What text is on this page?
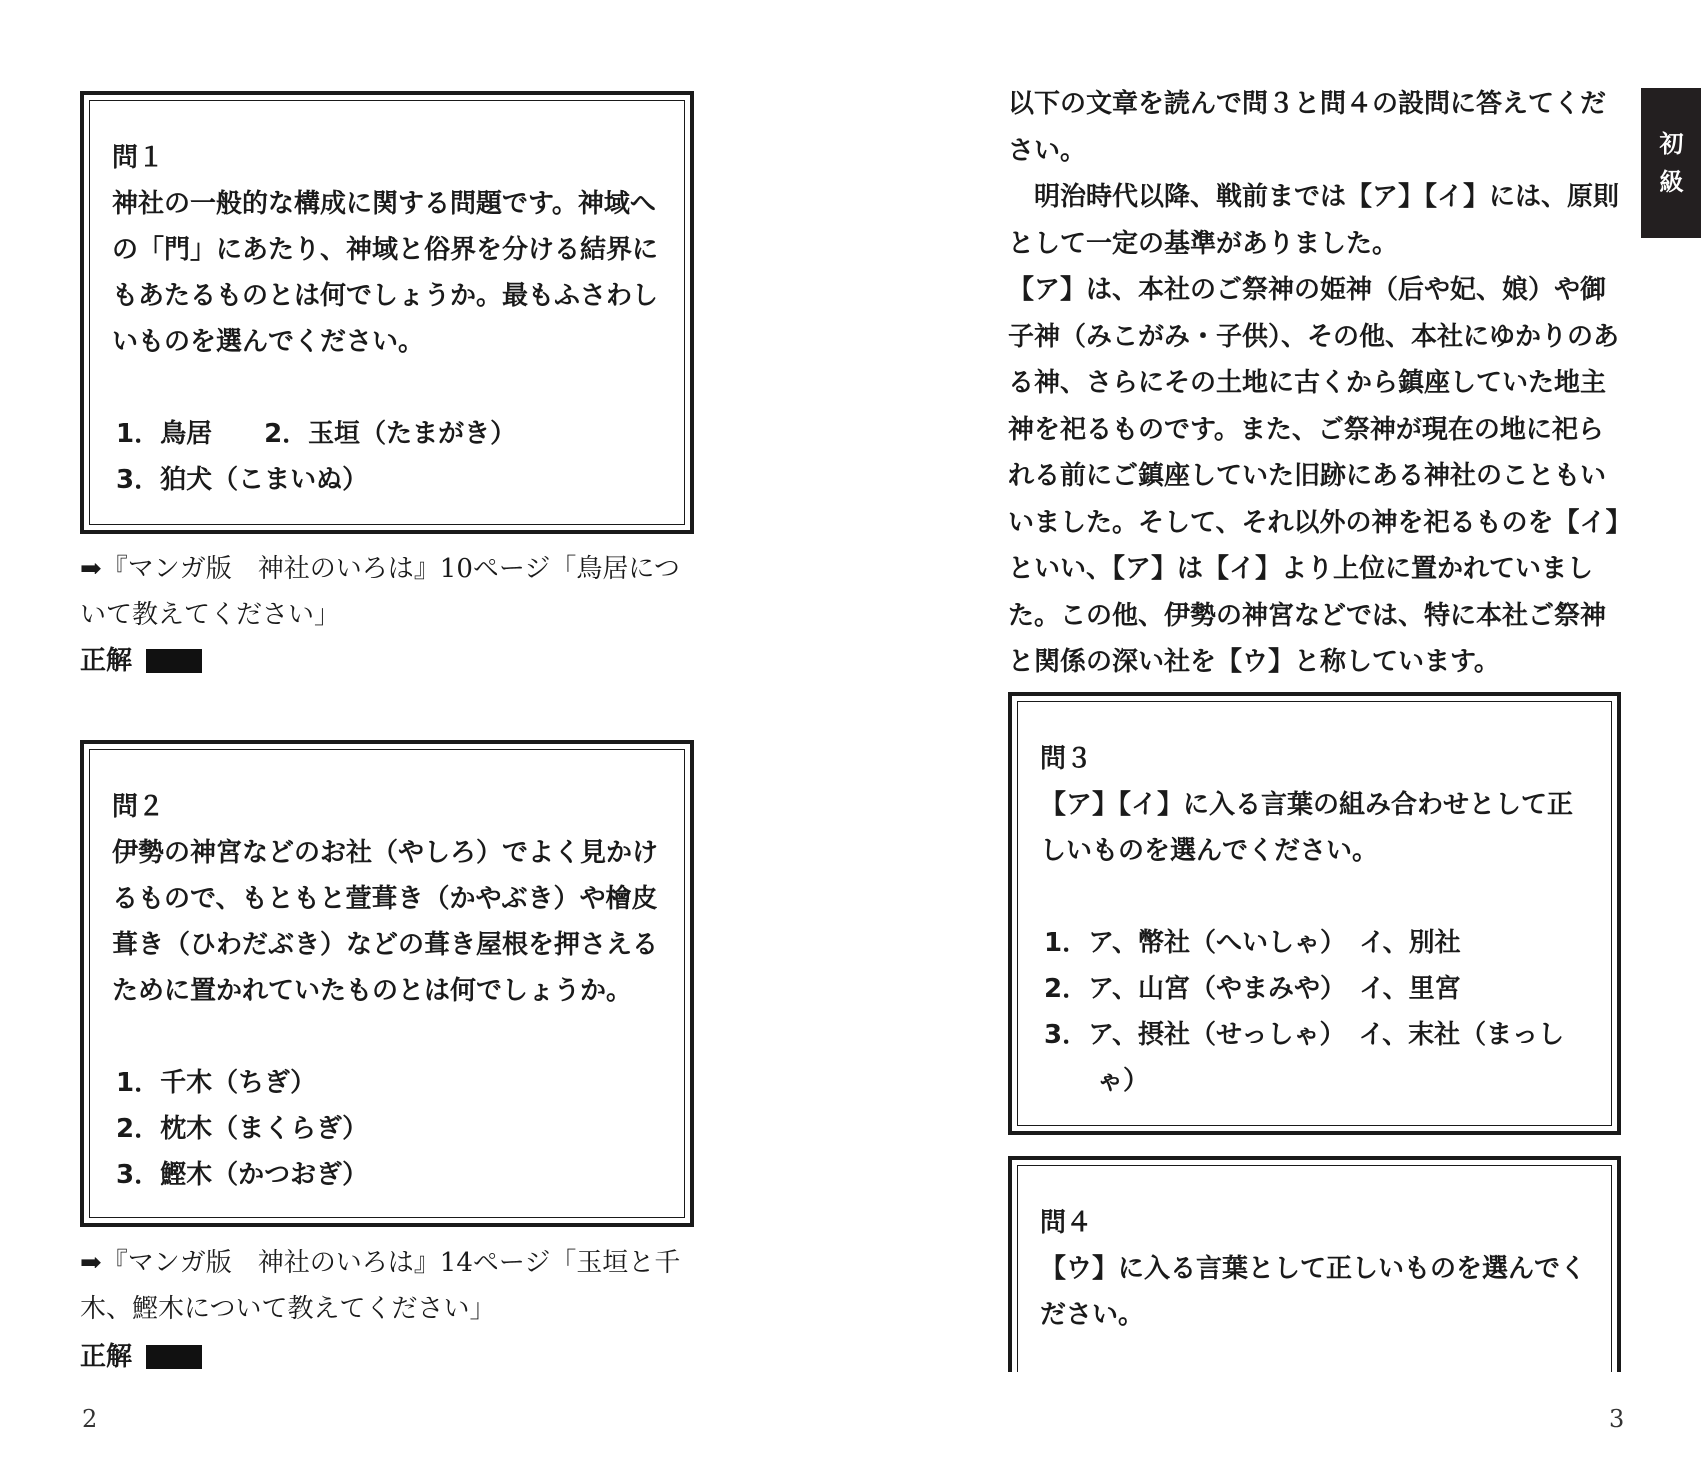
問１
神社の一般的な構成に関する問題です。神域への「門」にあたり、神域と俗界を分ける結界にもあたるものとは何でしょうか。最もふさわしいものを選んでください。
1．鳥居　　2．玉垣（たまがき）
3．狛犬（こまいぬ）
➡『マンガ版　神社のいろは』10ページ「鳥居について教えてください」
正解
問２
伊勢の神宮などのお社（やしろ）でよく見かけるもので、もともと萱葺き（かやぶき）や檜皮葺き（ひわだぶき）などの葺き屋根を押さえるために置かれていたものとは何でしょうか。
1．千木（ちぎ）
2．枕木（まくらぎ）
3．鰹木（かつおぎ）
➡『マンガ版　神社のいろは』14ページ「玉垣と千木、鰹木について教えてください」
正解
2

以下の文章を読んで問３と問４の設問に答えてください。

明治時代以降、戦前までは【ア】【イ】には、原則として一定の基準がありました。

【ア】は、本社のご祭神の姫神（后や妃、娘）や御子神（みこがみ・子供）、その他、本社にゆかりのある神、さらにその土地に古くから鎮座していた地主神を祀るものです。また、ご祭神が現在の地に祀られる前にご鎮座していた旧跡にある神社のこともいいました。そして、それ以外の神を祀るものを【イ】といい、【ア】は【イ】より上位に置かれていました。この他、伊勢の神宮などでは、特に本社ご祭神と関係の深い社を【ウ】と称しています。

初
級
問３
【ア】【イ】に入る言葉の組み合わせとして正しいものを選んでください。
1．ア、幣社（へいしゃ）　イ、別社
2．ア、山宮（やまみや）　イ、里宮
3．ア、摂社（せっしゃ）　イ、末社（まっし
ゃ）
問４
【ウ】に入る言葉として正しいものを選んでください。
3
